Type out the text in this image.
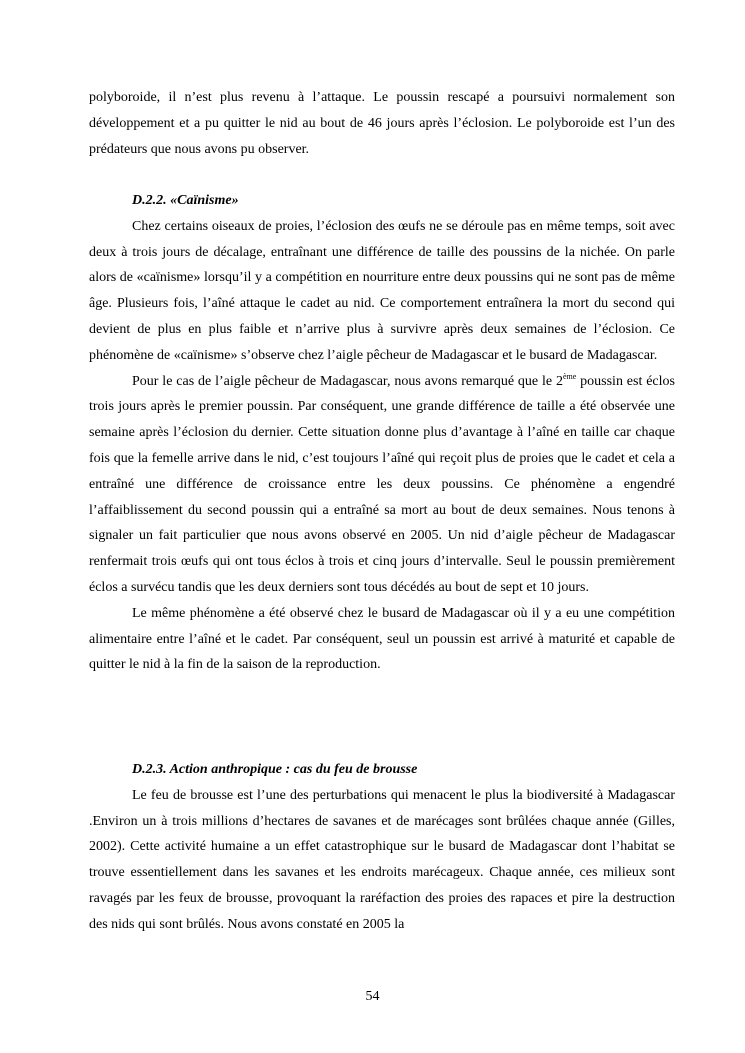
polyboroide, il n’est plus revenu à l’attaque. Le poussin rescapé a poursuivi normalement son développement et a pu quitter le nid au bout de 46 jours après l’éclosion. Le polyboroide est l’un des prédateurs que nous avons pu observer.

D.2.2. «Caïnisme»

Chez certains oiseaux de proies, l’éclosion des œufs ne se déroule pas en même temps, soit avec deux à trois jours de décalage, entraînant une différence de taille des poussins de la nichée. On parle alors de «caïnisme» lorsqu’il y a compétition en nourriture entre deux poussins qui ne sont pas de même âge. Plusieurs fois, l’aîné attaque le cadet au nid. Ce comportement entraînera la mort du second qui devient de plus en plus faible et n’arrive plus à survivre après deux semaines de l’éclosion. Ce phénomène de «caïnisme» s’observe chez l’aigle pêcheur de Madagascar et le busard de Madagascar.

Pour le cas de l’aigle pêcheur de Madagascar, nous avons remarqué que le 2ème poussin est éclos trois jours après le premier poussin. Par conséquent, une grande différence de taille a été observée une semaine après l’éclosion du dernier. Cette situation donne plus d’avantage à l’aîné en taille car chaque fois que la femelle arrive dans le nid, c’est toujours l’aîné qui reçoit plus de proies que le cadet et cela a entraîné une différence de croissance entre les deux poussins. Ce phénomène a engendré l’affaiblissement du second poussin qui a entraîné sa mort au bout de deux semaines. Nous tenons à signaler un fait particulier que nous avons observé en 2005. Un nid d’aigle pêcheur de Madagascar renfermait trois œufs qui ont tous éclos à trois et cinq jours d’intervalle. Seul le poussin premièrement éclos a survécu tandis que les deux derniers sont tous décédés au bout de sept et 10 jours.

Le même phénomène a été observé chez le busard de Madagascar où il y a eu une compétition alimentaire entre l’aîné et le cadet. Par conséquent, seul un poussin est arrivé à maturité et capable de quitter le nid à la fin de la saison de la reproduction.

D.2.3. Action anthropique : cas du feu de brousse

Le feu de brousse est l’une des perturbations qui menacent le plus la biodiversité à Madagascar .Environ un à trois millions d’hectares de savanes et de marécages sont brûlées chaque année (Gilles, 2002). Cette activité humaine a un effet catastrophique sur le busard de Madagascar dont l’habitat se trouve essentiellement dans les savanes et les endroits marécageux. Chaque année, ces milieux sont ravagés par les feux de brousse, provoquant la raréfaction des proies des rapaces et pire la destruction des nids qui sont brûlés. Nous avons constaté en 2005 la

54
